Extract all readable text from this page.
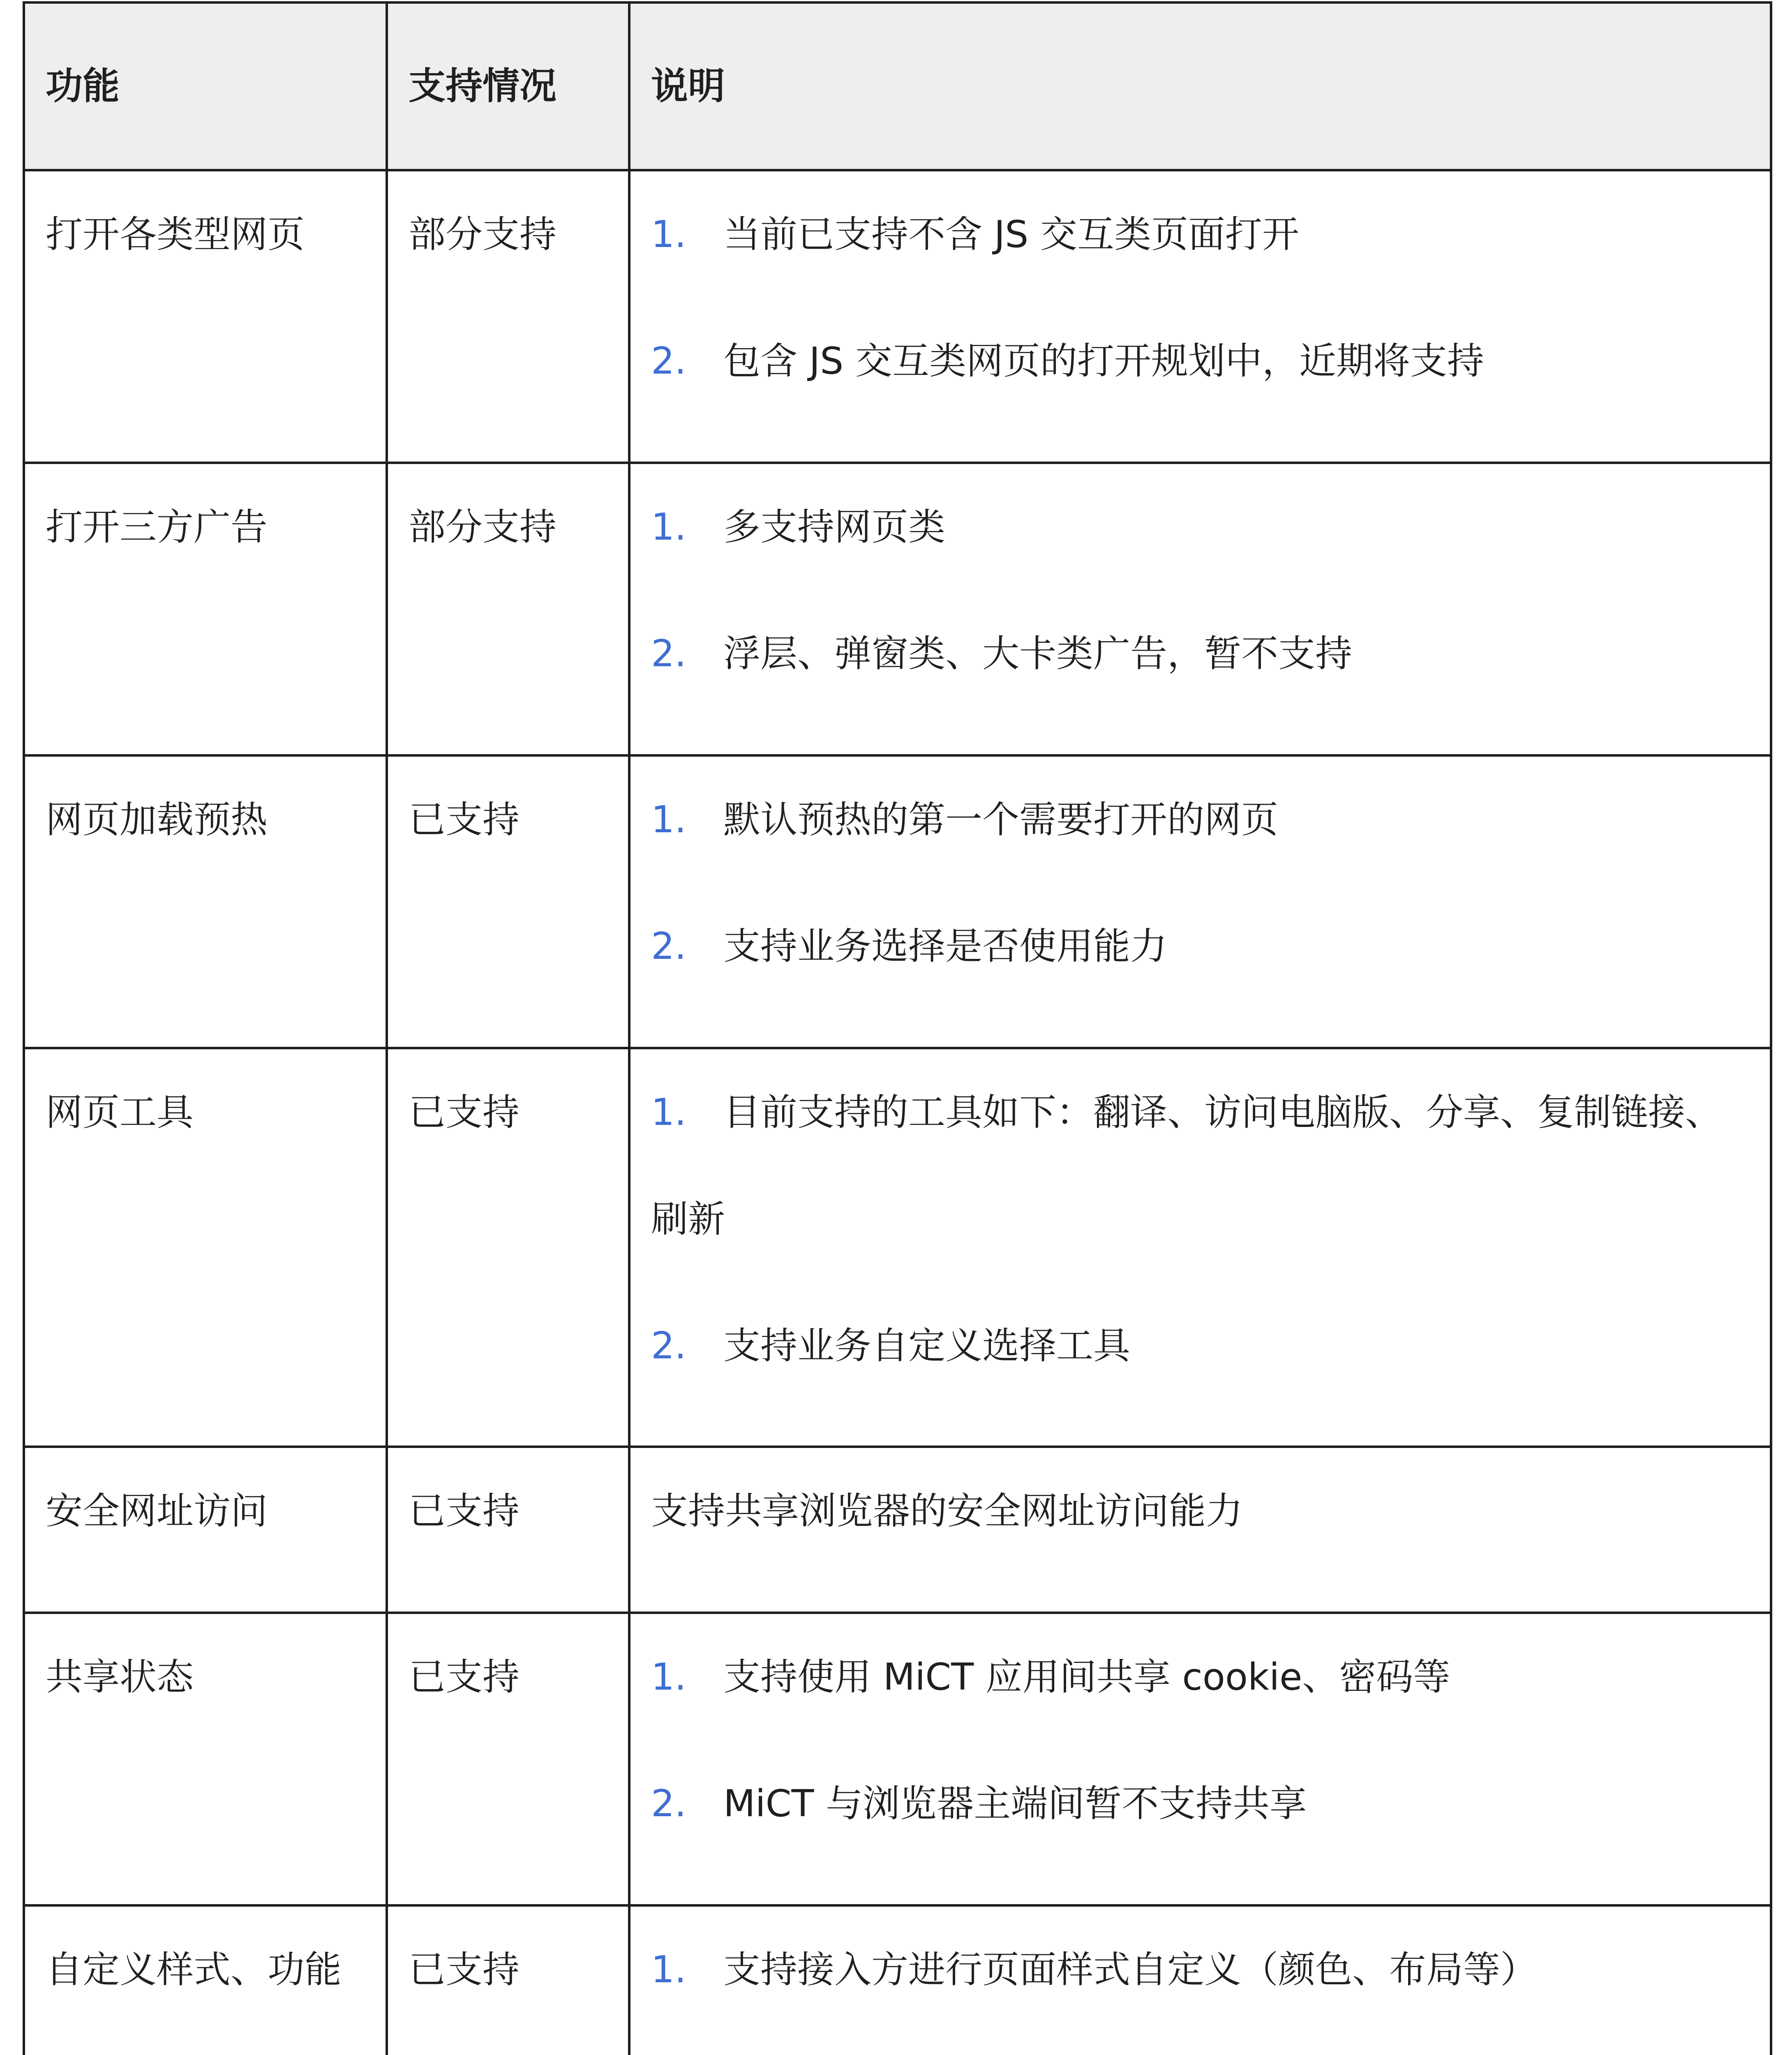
功能	支持情况	说明
打开各类型网页	部分支持	1. 当前已支持不含 JS 交互类页面打开
2. 包含 JS 交互类网页的打开规划中，近期将支持

打开三方广告	部分支持	1. 多支持网页类
2. 浮层、弹窗类、大卡类广告，暂不支持

网页加载预热	已支持	1. 默认预热的第一个需要打开的网页
2. 支持业务选择是否使用能力

网页工具	已支持	1. 目前支持的工具如下：翻译、访问电脑版、分享、复制链接、刷新
2. 支持业务自定义选择工具

安全网址访问	已支持	支持共享浏览器的安全网址访问能力
共享状态	已支持	1. 支持使用 MiCT 应用间共享 cookie、密码等
2. MiCT 与浏览器主端间暂不支持共享

自定义样式、功能	已支持	1. 支持接入方进行页面样式自定义（颜色、布局等）
